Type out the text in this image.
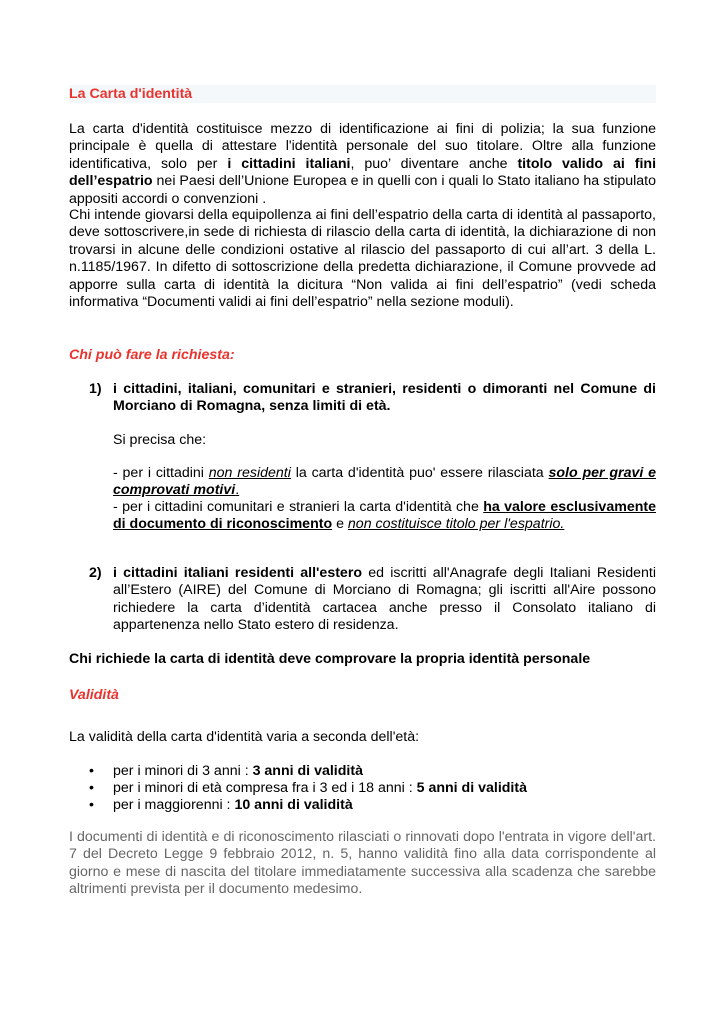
La Carta d'identità

La carta d'identità costituisce mezzo di identificazione ai fini di polizia; la sua funzione principale è quella di attestare l'identità personale del suo titolare. Oltre alla funzione identificativa, solo per i cittadini italiani, puo’ diventare anche titolo valido ai fini dell’espatrio nei Paesi dell’Unione Europea e in quelli con i quali lo Stato italiano ha stipulato appositi accordi o convenzioni .

Chi intende giovarsi della equipollenza ai fini dell’espatrio della carta di identità al passaporto, deve sottoscrivere,in sede di richiesta di rilascio della carta di identità, la dichiarazione di non trovarsi in alcune delle condizioni ostative al rilascio del passaporto di cui all’art. 3 della L. n.1185/1967. In difetto di sottoscrizione della predetta dichiarazione, il Comune provvede ad apporre sulla carta di identità la dicitura “Non valida ai fini dell’espatrio” (vedi scheda informativa “Documenti validi ai fini dell’espatrio” nella sezione moduli).

Chi può fare la richiesta:
1) i cittadini, italiani, comunitari e stranieri, residenti o dimoranti nel Comune di Morciano di Romagna, senza limiti di età.
Si precisa che:
- per i cittadini non residenti la carta d'identità puo' essere rilasciata solo per gravi e comprovati motivi.
- per i cittadini comunitari e stranieri la carta d'identità che ha valore esclusivamente di documento di riconoscimento e non costituisce titolo per l'espatrio.
2) i cittadini italiani residenti all'estero ed iscritti all'Anagrafe degli Italiani Residenti all’Estero (AIRE) del Comune di Morciano di Romagna; gli iscritti all'Aire possono richiedere la carta d’identità cartacea anche presso il Consolato italiano di appartenenza nello Stato estero di residenza.
Chi richiede la carta di identità deve comprovare la propria identità personale
Validità
La validità della carta d'identità varia a seconda dell'età:
• per i minori di 3 anni : 3 anni di validità
• per i minori di età compresa fra i 3 ed i 18 anni : 5 anni di validità
• per i maggiorenni : 10 anni di validità

I documenti di identità e di riconoscimento rilasciati o rinnovati dopo l'entrata in vigore dell'art. 7 del Decreto Legge 9 febbraio 2012, n. 5, hanno validità fino alla data corrispondente al giorno e mese di nascita del titolare immediatamente successiva alla scadenza che sarebbe altrimenti prevista per il documento medesimo.
